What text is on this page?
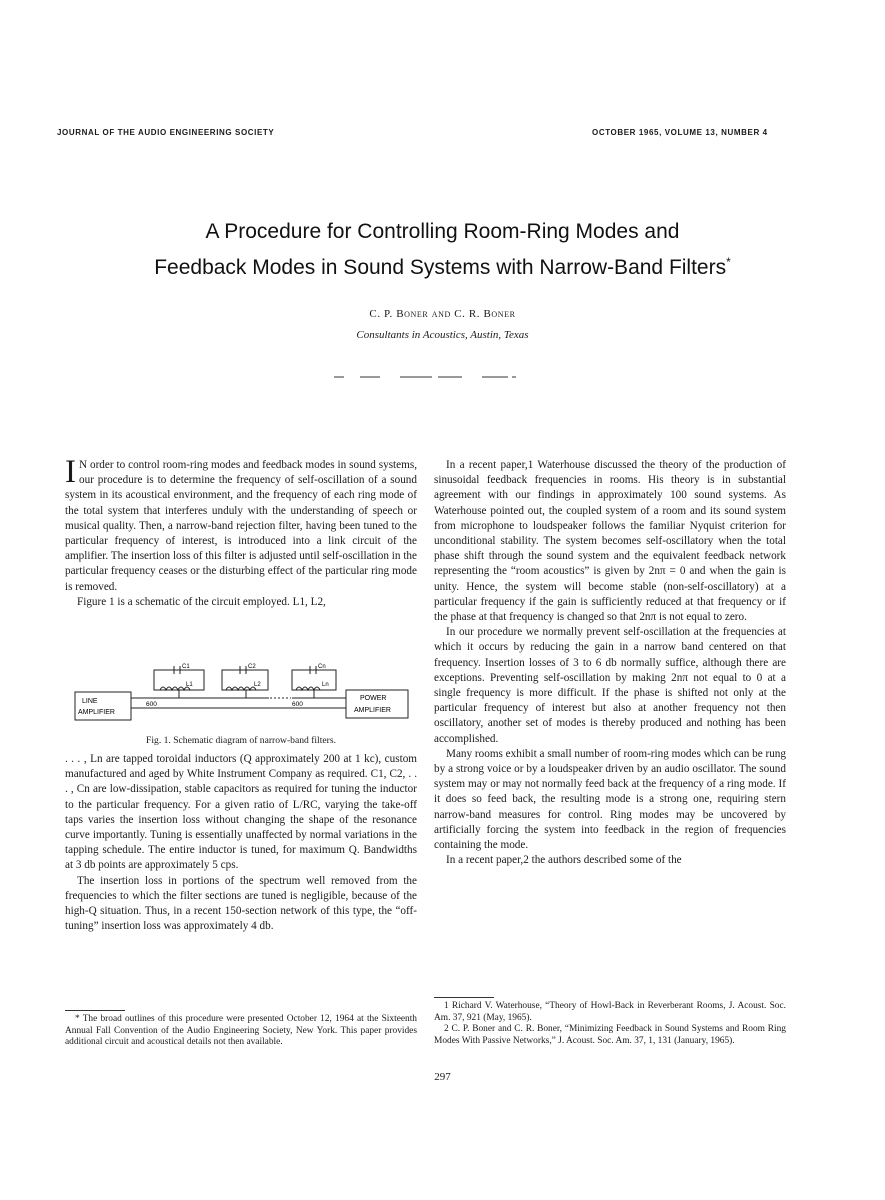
JOURNAL OF THE AUDIO ENGINEERING SOCIETY	OCTOBER 1965, VOLUME 13, NUMBER 4
A Procedure for Controlling Room-Ring Modes and
Feedback Modes in Sound Systems with Narrow-Band Filters*
C. P. Boner and C. R. Boner
Consultants in Acoustics, Austin, Texas

I N order to control room-ring modes and feedback modes in sound systems, our procedure is to determine the frequency of self-oscillation of a sound system in its acoustical environment, and the frequency of each ring mode of the total system that interferes unduly with the understanding of speech or musical quality. Then, a narrow-band rejection filter, having been tuned to the particular frequency of interest, is introduced into a link circuit of the amplifier. The insertion loss of this filter is adjusted until self-oscillation in the particular frequency ceases or the disturbing effect of the particular ring mode is removed.

Figure 1 is a schematic of the circuit employed. L1, L2,

LINE
AMPLIFIER
POWER
AMPLIFIER
600	600
C1	C2	Cn
L1	L2	Ln
Fig. 1. Schematic diagram of narrow-band filters.

. . . , Ln are tapped toroidal inductors (Q approximately 200 at 1 kc), custom manufactured and aged by White Instrument Company as required. C1, C2, . . . , Cn are low-dissipation, stable capacitors as required for tuning the inductor to the particular frequency. For a given ratio of L/RC, varying the take-off taps varies the insertion loss without changing the shape of the resonance curve importantly. Tuning is essentially unaffected by normal variations in the tapping schedule. The entire inductor is tuned, for maximum Q. Bandwidths at 3 db points are approximately 5 cps.

The insertion loss in portions of the spectrum well removed from the frequencies to which the filter sections are tuned is negligible, because of the high-Q situation. Thus, in a recent 150-section network of this type, the “off-tuning” insertion loss was approximately 4 db.

* The broad outlines of this procedure were presented October 12, 1964 at the Sixteenth Annual Fall Convention of the Audio Engineering Society, New York. This paper provides additional circuit and acoustical details not then available.

In a recent paper,1 Waterhouse discussed the theory of the production of sinusoidal feedback frequencies in rooms. His theory is in substantial agreement with our findings in approximately 100 sound systems. As Waterhouse pointed out, the coupled system of a room and its sound system from microphone to loudspeaker follows the familiar Nyquist criterion for unconditional stability. The system becomes self-oscillatory when the total phase shift through the sound system and the equivalent feedback network representing the “room acoustics” is given by 2nπ = 0 and when the gain is unity. Hence, the system will become stable (non-self-oscillatory) at a particular frequency if the gain is sufficiently reduced at that frequency or if the phase at that frequency is changed so that 2nπ is not equal to zero.

In our procedure we normally prevent self-oscillation at the frequencies at which it occurs by reducing the gain in a narrow band centered on that frequency. Insertion losses of 3 to 6 db normally suffice, although there are exceptions. Preventing self-oscillation by making 2nπ not equal to 0 at a single frequency is more difficult. If the phase is shifted not only at the particular frequency of interest but also at another frequency not then oscillatory, another set of modes is thereby produced and nothing has been accomplished.

Many rooms exhibit a small number of room-ring modes which can be rung by a strong voice or by a loudspeaker driven by an audio oscillator. The sound system may or may not normally feed back at the frequency of a ring mode. If it does so feed back, the resulting mode is a strong one, requiring stern narrow-band measures for control. Ring modes may be uncovered by artificially forcing the system into feedback in the region of frequencies containing the mode.

In a recent paper,2 the authors described some of the

1 Richard V. Waterhouse, “Theory of Howl-Back in Reverberant Rooms, J. Acoust. Soc. Am. 37, 921 (May, 1965).

2 C. P. Boner and C. R. Boner, “Minimizing Feedback in Sound Systems and Room Ring Modes With Passive Networks,” J. Acoust. Soc. Am. 37, 1, 131 (January, 1965).

297
